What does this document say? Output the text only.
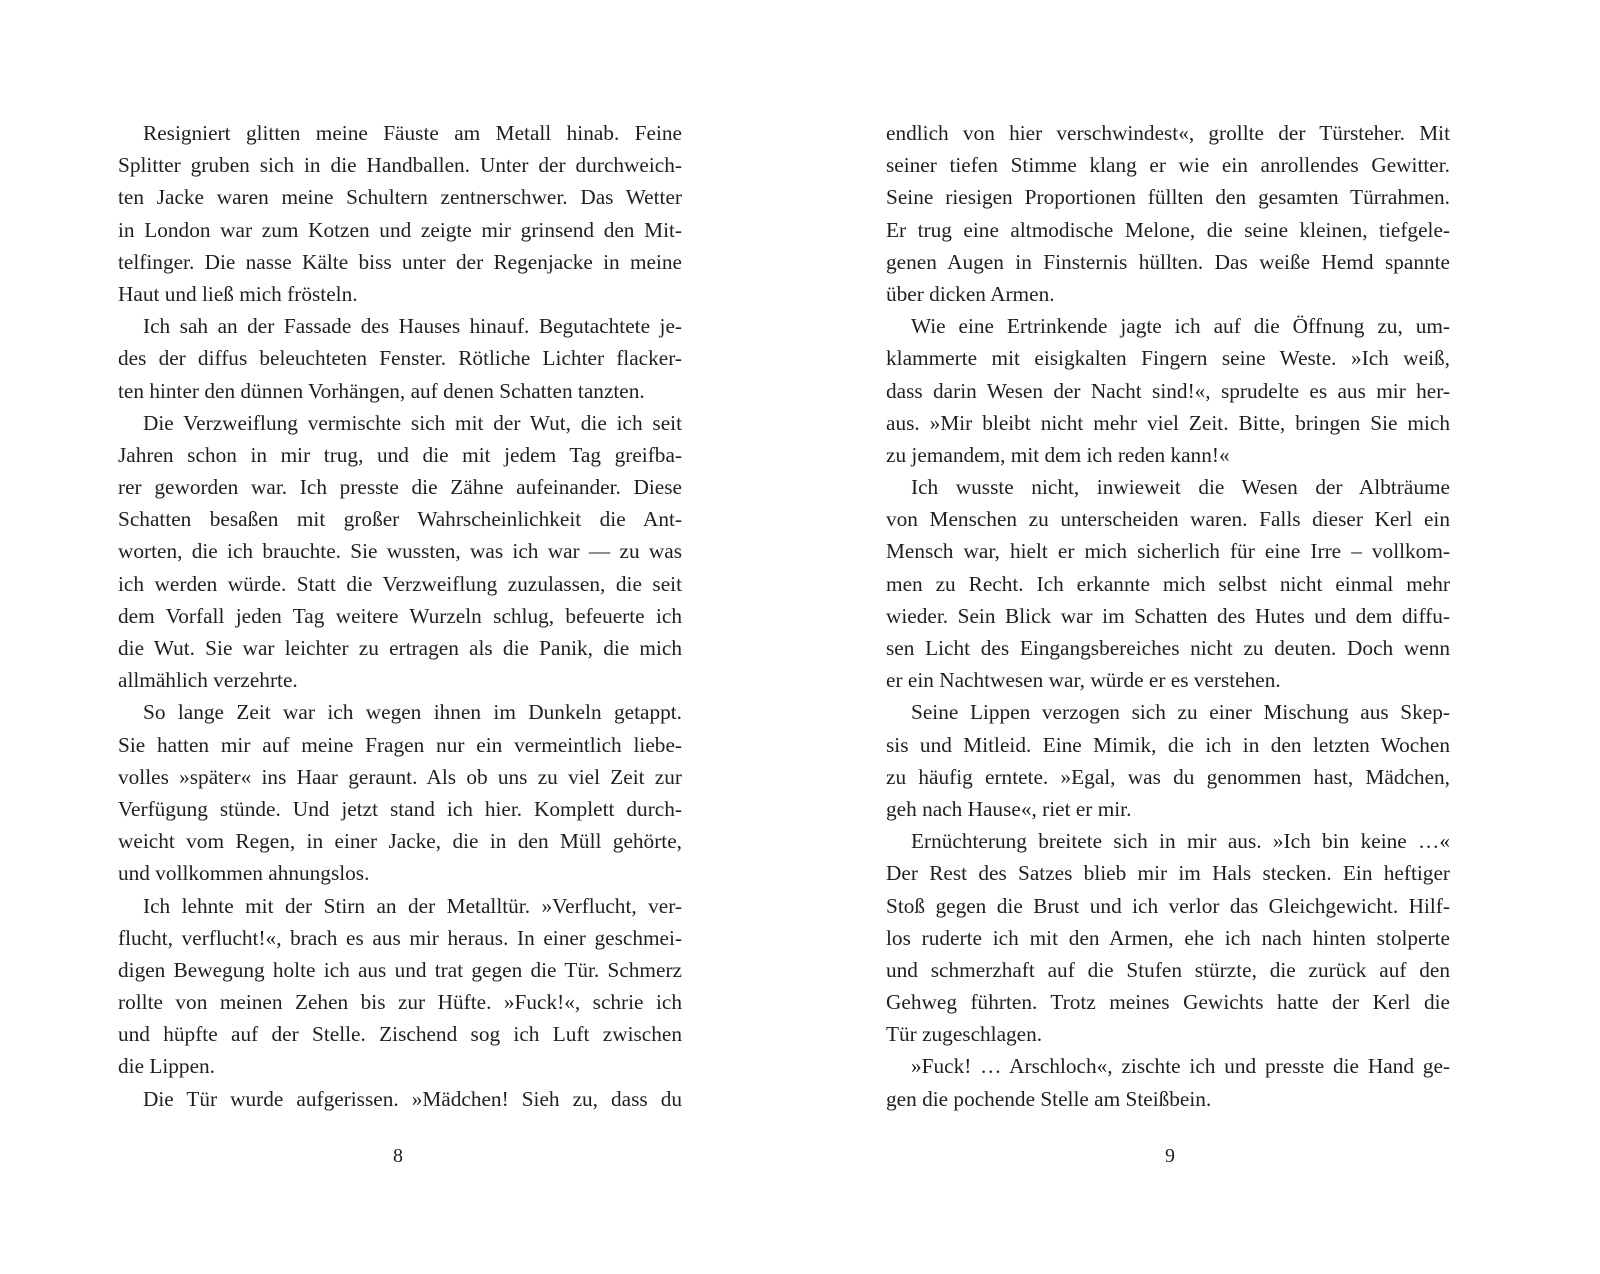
Resigniert glitten meine Fäuste am Metall hinab. Feine
Splitter gruben sich in die Handballen. Unter der durchweich-
ten Jacke waren meine Schultern zentnerschwer. Das Wetter
in London war zum Kotzen und zeigte mir grinsend den Mit-
telfinger. Die nasse Kälte biss unter der Regenjacke in meine
Haut und ließ mich frösteln.
Ich sah an der Fassade des Hauses hinauf. Begutachtete je-
des der diffus beleuchteten Fenster. Rötliche Lichter flacker-
ten hinter den dünnen Vorhängen, auf denen Schatten tanzten.
Die Verzweiflung vermischte sich mit der Wut, die ich seit
Jahren schon in mir trug, und die mit jedem Tag greifba-
rer geworden war. Ich presste die Zähne aufeinander. Diese
Schatten besaßen mit großer Wahrscheinlichkeit die Ant-
worten, die ich brauchte. Sie wussten, was ich war — zu was
ich werden würde. Statt die Verzweiflung zuzulassen, die seit
dem Vorfall jeden Tag weitere Wurzeln schlug, befeuerte ich
die Wut. Sie war leichter zu ertragen als die Panik, die mich
allmählich verzehrte.
So lange Zeit war ich wegen ihnen im Dunkeln getappt.
Sie hatten mir auf meine Fragen nur ein vermeintlich liebe-
volles »später« ins Haar geraunt. Als ob uns zu viel Zeit zur
Verfügung stünde. Und jetzt stand ich hier. Komplett durch-
weicht vom Regen, in einer Jacke, die in den Müll gehörte,
und vollkommen ahnungslos.
Ich lehnte mit der Stirn an der Metalltür. »Verflucht, ver-
flucht, verflucht!«, brach es aus mir heraus. In einer geschmei-
digen Bewegung holte ich aus und trat gegen die Tür. Schmerz
rollte von meinen Zehen bis zur Hüfte. »Fuck!«, schrie ich
und hüpfte auf der Stelle. Zischend sog ich Luft zwischen
die Lippen.
Die Tür wurde aufgerissen. »Mädchen! Sieh zu, dass du
8
endlich von hier verschwindest«, grollte der Türsteher. Mit
seiner tiefen Stimme klang er wie ein anrollendes Gewitter.
Seine riesigen Proportionen füllten den gesamten Türrahmen.
Er trug eine altmodische Melone, die seine kleinen, tiefgele-
genen Augen in Finsternis hüllten. Das weiße Hemd spannte
über dicken Armen.
Wie eine Ertrinkende jagte ich auf die Öffnung zu, um-
klammerte mit eisigkalten Fingern seine Weste. »Ich weiß,
dass darin Wesen der Nacht sind!«, sprudelte es aus mir her-
aus. »Mir bleibt nicht mehr viel Zeit. Bitte, bringen Sie mich
zu jemandem, mit dem ich reden kann!«
Ich wusste nicht, inwieweit die Wesen der Albträume
von Menschen zu unterscheiden waren. Falls dieser Kerl ein
Mensch war, hielt er mich sicherlich für eine Irre – vollkom-
men zu Recht. Ich erkannte mich selbst nicht einmal mehr
wieder. Sein Blick war im Schatten des Hutes und dem diffu-
sen Licht des Eingangsbereiches nicht zu deuten. Doch wenn
er ein Nachtwesen war, würde er es verstehen.
Seine Lippen verzogen sich zu einer Mischung aus Skep-
sis und Mitleid. Eine Mimik, die ich in den letzten Wochen
zu häufig erntete. »Egal, was du genommen hast, Mädchen,
geh nach Hause«, riet er mir.
Ernüchterung breitete sich in mir aus. »Ich bin keine …«
Der Rest des Satzes blieb mir im Hals stecken. Ein heftiger
Stoß gegen die Brust und ich verlor das Gleichgewicht. Hilf-
los ruderte ich mit den Armen, ehe ich nach hinten stolperte
und schmerzhaft auf die Stufen stürzte, die zurück auf den
Gehweg führten. Trotz meines Gewichts hatte der Kerl die
Tür zugeschlagen.
»Fuck! … Arschloch«, zischte ich und presste die Hand ge-
gen die pochende Stelle am Steißbein.
9
